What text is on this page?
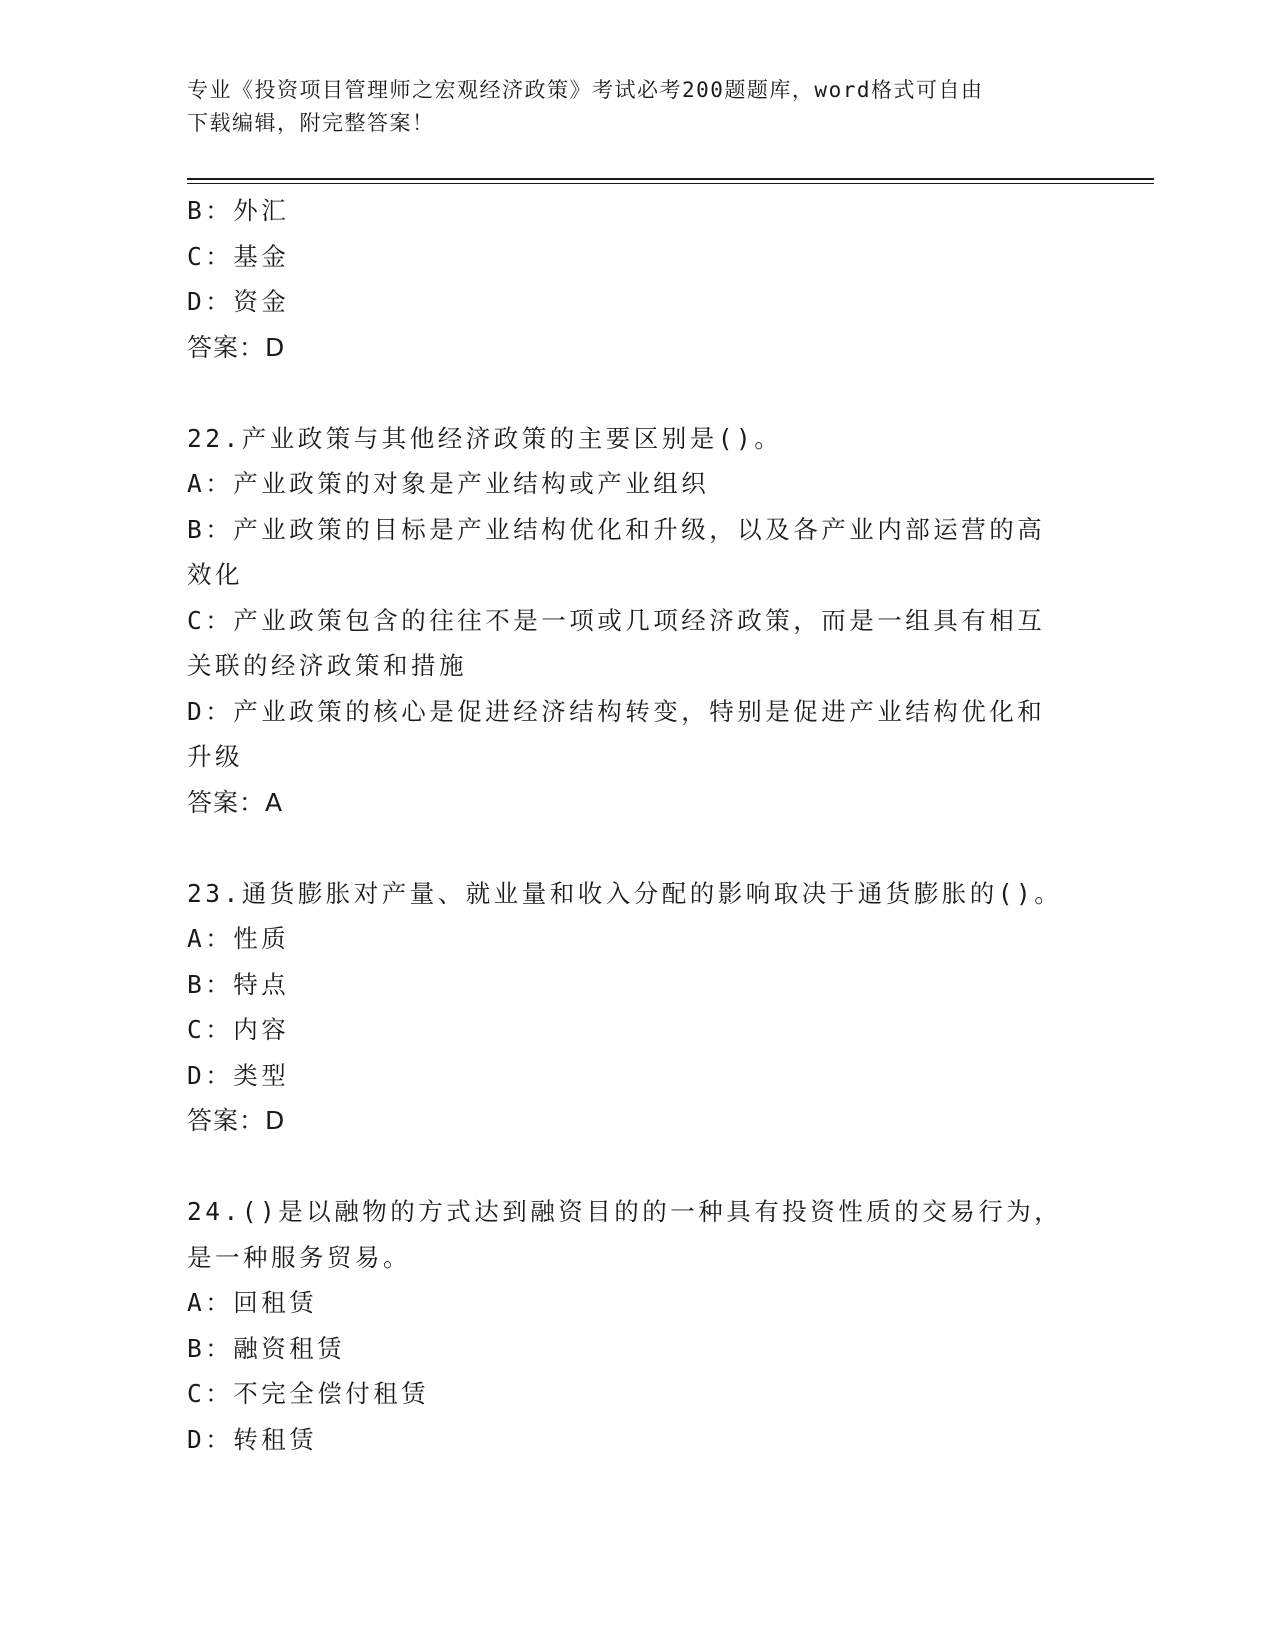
专业《投资项目管理师之宏观经济政策》考试必考200题题库，word格式可自由
下载编辑，附完整答案！
B：外汇
C：基金
D：资金
答案：D
22.产业政策与其他经济政策的主要区别是()。
A：产业政策的对象是产业结构或产业组织
B：产业政策的目标是产业结构优化和升级，以及各产业内部运营的高
效化
C：产业政策包含的往往不是一项或几项经济政策，而是一组具有相互
关联的经济政策和措施
D：产业政策的核心是促进经济结构转变，特别是促进产业结构优化和
升级
答案：A
23.通货膨胀对产量、就业量和收入分配的影响取决于通货膨胀的()。
A：性质
B：特点
C：内容
D：类型
答案：D
24.()是以融物的方式达到融资目的的一种具有投资性质的交易行为，
是一种服务贸易。
A：回租赁
B：融资租赁
C：不完全偿付租赁
D：转租赁
